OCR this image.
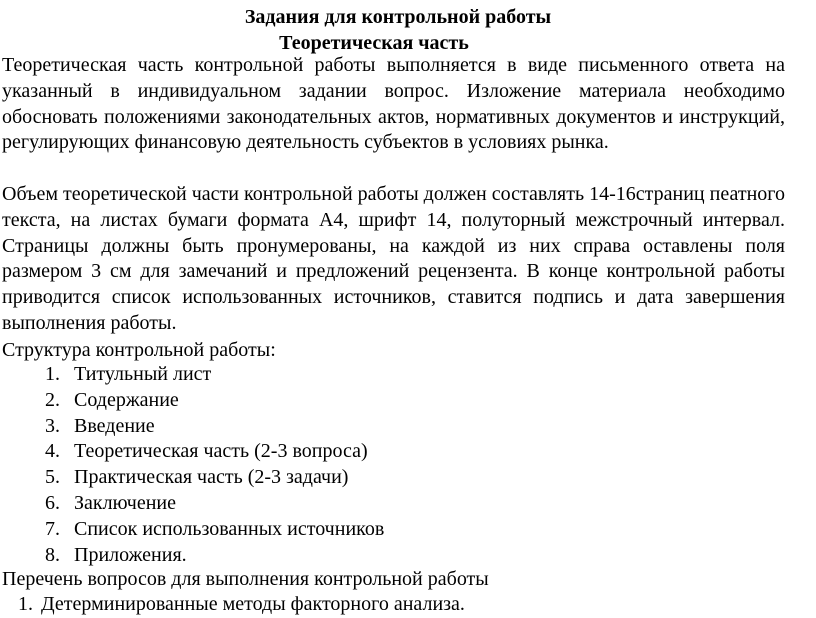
Задания для контрольной работы
Теоретическая часть

Теоретическая часть контрольной работы выполняется в виде письменного ответа на указанный в индивидуальном задании вопрос. Изложение материала необходимо обосновать положениями законодательных актов, нормативных документов и инструкций, регулирующих финансовую деятельность субъектов в условиях рынка.

Объем теоретической части контрольной работы должен составлять 14-16страниц пеатного текста, на листах бумаги формата А4, шрифт 14, полуторный межстрочный интервал. Страницы должны быть пронумерованы, на каждой из них справа оставлены поля размером 3 см для замечаний и предложений рецензента. В конце контрольной работы приводится список использованных источников, ставится подпись и дата завершения выполнения работы.

Структура контрольной работы:
1. Титульный лист
2. Содержание
3. Введение
4. Теоретическая часть (2-3 вопроса)
5. Практическая часть (2-3 задачи)
6. Заключение
7. Список использованных источников
8. Приложения.
Перечень вопросов для выполнения контрольной работы
1. Детерминированные методы факторного анализа.
